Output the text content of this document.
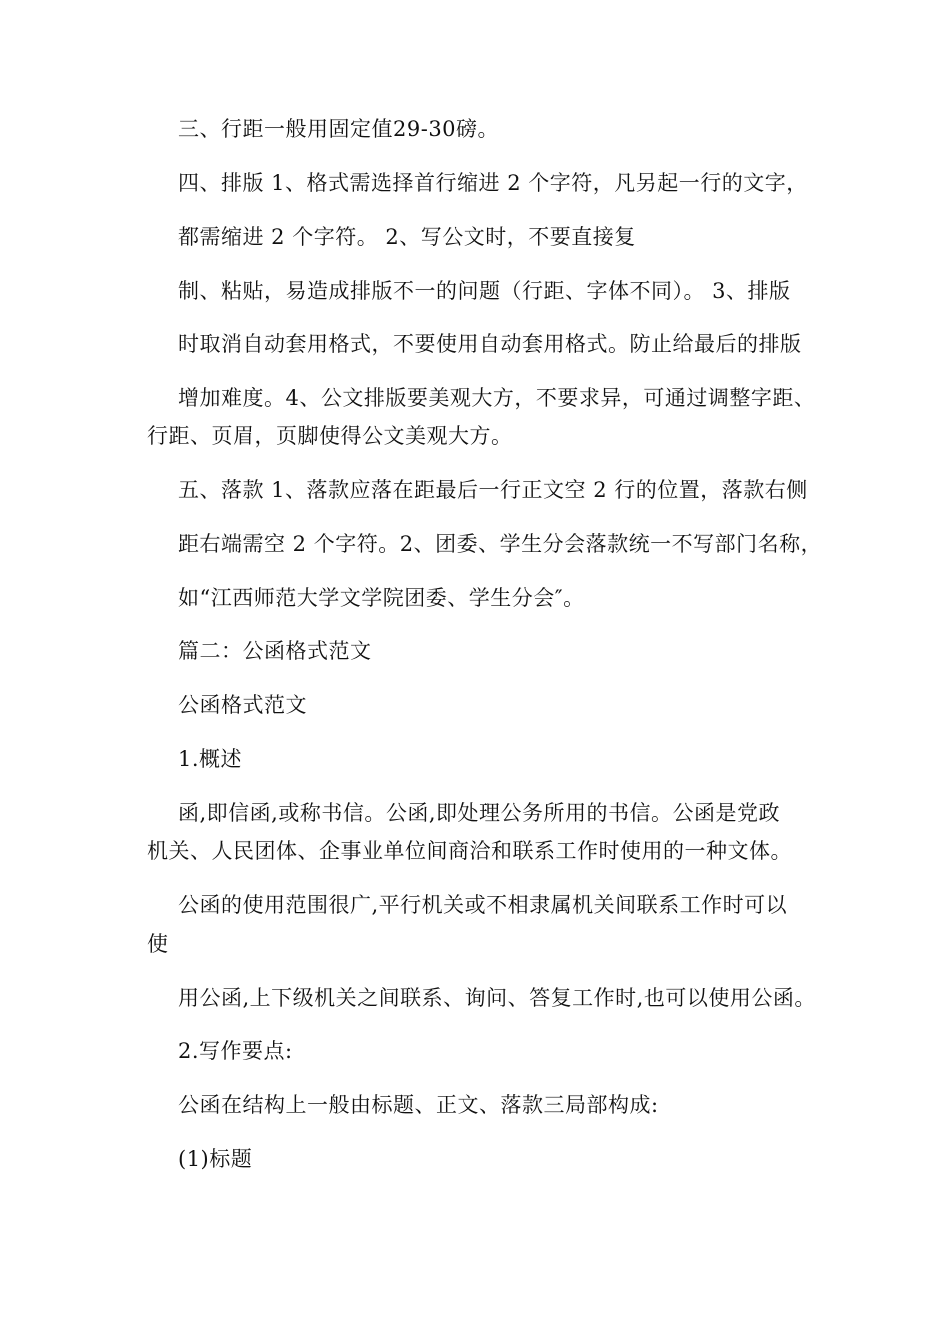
三、行距一般用固定值29-30磅。
四、排版 1、格式需选择首行缩进 2 个字符，凡另起一行的文字，
都需缩进 2 个字符。 2、写公文时，不要直接复
制、粘贴，易造成排版不一的问题（行距、字体不同）。 3、排版
时取消自动套用格式，不要使用自动套用格式。防止给最后的排版
增加难度。4、公文排版要美观大方，不要求异，可通过调整字距、
行距、页眉，页脚使得公文美观大方。
五、落款 1、落款应落在距最后一行正文空 2 行的位置，落款右侧
距右端需空 2 个字符。2、团委、学生分会落款统一不写部门名称，
如“江西师范大学文学院团委、学生分会″。
篇二：公函格式范文
公函格式范文
1.概述
函,即信函,或称书信。公函,即处理公务所用的书信。公函是党政
机关、人民团体、企事业单位间商洽和联系工作时使用的一种文体。
公函的使用范围很广,平行机关或不相隶属机关间联系工作时可以
使
用公函,上下级机关之间联系、询问、答复工作时,也可以使用公函。
2.写作要点:
公函在结构上一般由标题、正文、落款三局部构成:
(1)标题
